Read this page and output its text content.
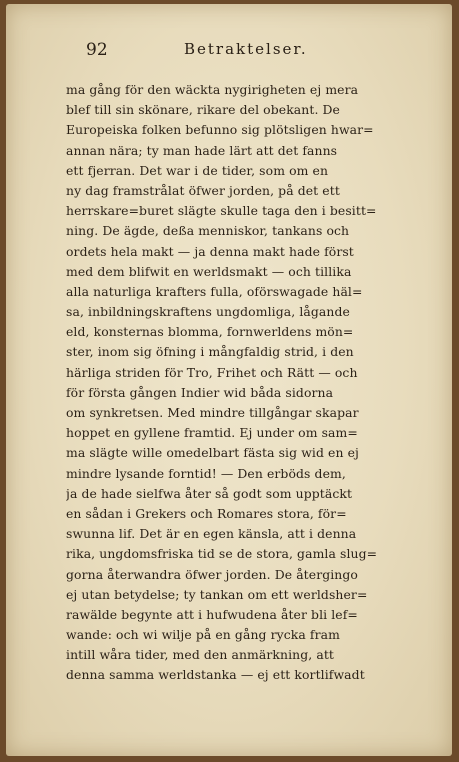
92	Betraktelser.
ma gång för den wäckta nygirigheten ej mera
blef till sin skönare, rikare del obekant. De
Europeiska folken befunno sig plötsligen hwar=
annan nära; ty man hade lärt att det fanns
ett fjerran. Det war i de tider, som om en
ny dag framstrålat öfwer jorden, på det ett
herrskare=buret slägte skulle taga den i besitt=
ning. De ägde, deßa menniskor, tankans och
ordets hela makt — ja denna makt hade först
med dem blifwit en werldsmakt — och tillika
alla naturliga krafters fulla, oförswagade häl=
sa, inbildningskraftens ungdomliga, lågande
eld, konsternas blomma, fornwerldens mön=
ster, inom sig öfning i mångfaldig strid, i den
härliga striden för Tro, Frihet och Rätt — och
för första gången Indier wid båda sidorna
om synkretsen. Med mindre tillgångar skapar
hoppet en gyllene framtid. Ej under om sam=
ma slägte wille omedelbart fästa sig wid en ej
mindre lysande forntid! — Den erböds dem,
ja de hade sielfwa åter så godt som upptäckt
en sådan i Grekers och Romares stora, för=
swunna lif. Det är en egen känsla, att i denna
rika, ungdomsfriska tid se de stora, gamla slug=
gorna återwandra öfwer jorden. De återgingo
ej utan betydelse; ty tankan om ett werldsher=
rawälde begynte att i hufwudena åter bli lef=
wande: och wi wilje på en gång rycka fram
intill wåra tider, med den anmärkning, att
denna samma werldstanka — ej ett kortlifwadt
